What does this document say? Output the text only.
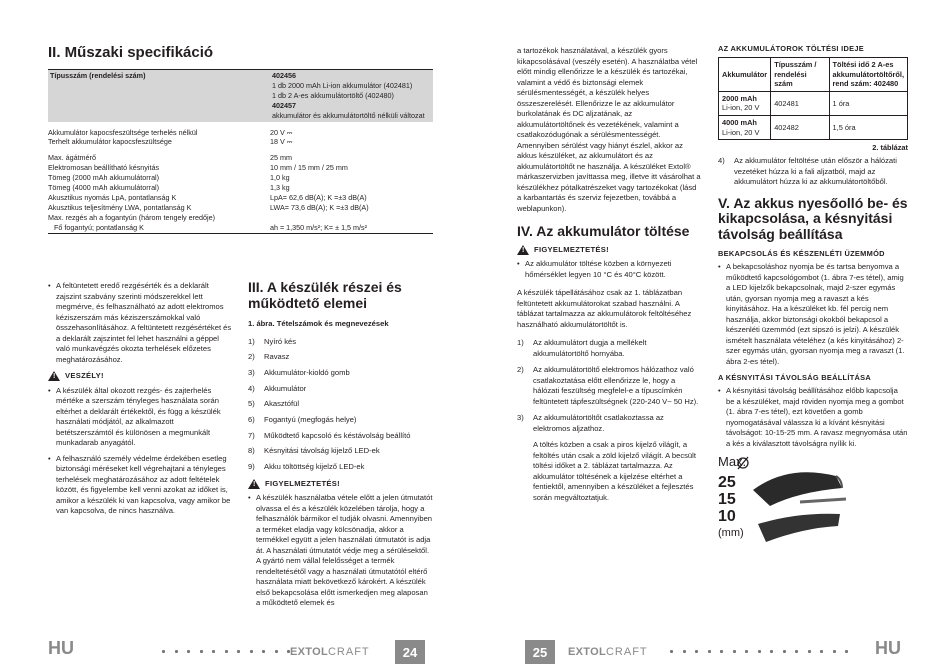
II. Műszaki specifikáció
Típusszám (rendelési szám)	402456
1 db 2000 mAh Li-ion akkumulátor (402481)
1 db 2 A-es akkumulátortöltő (402480)
402457
akkumulátor és akkumulátortöltő nélküli változat
Akkumulátor kapocsfeszültsége terhelés nélkül	20 V ⎓
Terhelt akkumulátor kapocsfeszültsége	18 V ⎓
Max. ágátmérő	25 mm
Elektromosan beállítható késnyitás	10 mm / 15 mm / 25 mm
Tömeg (2000 mAh akkumulátorral)	1,0 kg
Tömeg (4000 mAh akkumulátorral)	1,3 kg
Akusztikus nyomás LpA, pontatlanság K	LpA= 62,6 dB(A); K =±3 dB(A)
Akusztikus teljesítmény LWA, pontatlanság K	LWA= 73,6 dB(A); K =±3 dB(A)
Max. rezgés ah a fogantyún (három tengely eredője)
Fő fogantyú; pontatlanság K	ah = 1,350 m/s²; K= ± 1,5 m/s²
• A feltüntetett eredő rezgésérték és a deklarált zajszint szabvány szerinti módszerekkel lett megmérve, és felhasználható az adott elektromos kéziszerszám más kéziszerszámokkal való összehasonlításához. A feltüntetett rezgésértéket és a deklarált zajszintet fel lehet használni a géppel való munkavégzés okozta terhelések előzetes meghatározásához.
! VESZÉLY!
• A készülék által okozott rezgés- és zajterhelés mértéke a szerszám tényleges használata során eltérhet a deklarált értékektől, és függ a készülék használati módjától, az alkalmazott betétszerszámtól és különösen a megmunkált munkadarab anyagától.
• A felhasználó személy védelme érdekében esetleg biztonsági méréseket kell végrehajtani a tényleges terhelések meghatározásához az adott feltételek között, és figyelembe kell venni azokat az időket is, amikor a készülék ki van kapcsolva, vagy amikor be van kapcsolva, de nincs használva.
III. A készülék részei és működtető elemei
1. ábra. Tételszámok és megnevezések
1)	Nyíró kés
2)	Ravasz
3)	Akkumulátor-kioldó gomb
4)	Akkumulátor
5)	Akasztófül
6)	Fogantyú (megfogás helye)
7)	Működtető kapcsoló és késtávolság beállító
8)	Késnyitási távolság kijelző LED-ek
9)	Akku töltöttség kijelző LED-ek
! FIGYELMEZTETÉS!
• A készülék használatba vétele előtt a jelen útmutatót olvassa el és a készülék közelében tárolja, hogy a felhasználók bármikor el tudják olvasni. Amennyiben a terméket eladja vagy kölcsönadja, akkor a termékkel együtt a jelen használati útmutatót is adja át. A használati útmutatót védje meg a sérülésektől. A gyártó nem vállal felelősséget a termék rendeltetésétől vagy a használati útmutatótól eltérő használata miatt bekövetkező károkért. A készülék első bekapcsolása előtt ismerkedjen meg alaposan a működtető elemek és
HU	EXTOLCRAFT	24

a tartozékok használatával, a készülék gyors kikapcsolásával (veszély esetén). A használatba vétel előtt mindig ellenőrizze le a készülék és tartozékai, valamint a védő és biztonsági elemek sérülésmentességét, a készülék helyes összeszerelését. Ellenőrizze le az akkumulátor burkolatának és DC aljzatának, az akkumulátortöltőnek és vezetékének, valamint a csatlakozódugónak a sérülésmentességét. Amennyiben sérülést vagy hiányt észlel, akkor az akkus készüléket, az akkumulátort és az akkumulátortöltőt ne használja. A készüléket Extol® márkaszervizben javíttassa meg, illetve itt vásárolhat a készülékhez pótalkatrészeket vagy tartozékokat (lásd a karbantartás és szerviz fejezetben, továbbá a weblapunkon).

IV. Az akkumulátor töltése
! FIGYELMEZTETÉS!
• Az akkumulátor töltése közben a környezeti hőmérséklet legyen 10 °C és 40°C között.

A készülék tápellátásához csak az 1. táblázatban feltüntetett akkumulátorokat szabad használni. A táblázat tartalmazza az akkumulátorok feltöltéséhez használható akkumulátortöltőt is.

1)	Az akkumulátort dugja a mellékelt akkumulátortöltő hornyába.
2)	Az akkumulátortöltő elektromos hálózathoz való csatlakoztatása előtt ellenőrizze le, hogy a hálózati feszültség megfelel-e a típuscímkén feltüntetett tápfeszültségnek (220-240 V~ 50 Hz).
3)	Az akkumulátortöltőt csatlakoztassa az elektromos aljzathoz.

A töltés közben a csak a piros kijelző világít, a feltöltés után csak a zöld kijelző világít. A becsült töltési időket a 2. táblázat tartalmazza. Az akkumulátor töltésének a kijelzése eltérhet a fentiektől, amennyiben a készüléket a fejlesztés során megváltoztatjuk.

AZ AKKUMULÁTOROK TÖLTÉSI IDEJE
Akkumulátor	Típusszám / rendelési szám	Töltési idő 2 A-es akkumulátortöltőről, rend szám: 402480
2000 mAh
Li-ion, 20 V	402481	1 óra
4000 mAh
Li-ion, 20 V	402482	1,5 óra
2. táblázat
4)	Az akkumulátor feltöltése után először a hálózati vezetéket húzza ki a fali aljzatból, majd az akkumulátort húzza ki az akkumulátortöltőből.
V. Az akkus nyesőolló be- és kikapcsolása, a késnyitási távolság beállítása
BEKAPCSOLÁS ÉS KÉSZENLÉTI ÜZEMMÓD
• A bekapcsoláshoz nyomja be és tartsa benyomva a működtető kapcsológombot (1. ábra 7-es tétel), amig a LED kijelzők bekapcsolnak, majd 2-szer egymás után, gyorsan nyomja meg a ravaszt a kés kinyitásához. Ha a készüléket kb. fél percig nem használja, akkor biztonsági okokból bekapcsol a készenléti üzemmód (ezt sipszó is jelzi). A készülék ismételt használata vételéhez (a kés kinyitásához) 2-szer egymás után, gyorsan nyomja meg a ravaszt (1. ábra 2-es tétel).
A KÉSNYITÁSI TÁVOLSÁG BEÁLLÍTÁSA
• A késnyitási távolság beállításához előbb kapcsolja be a készüléket, majd röviden nyomja meg a gombot (1. ábra 7-es tétel), ezt követően a gomb nyomogatásával válassza ki a kívánt késnyitási távolságot: 10-15-25 mm. A ravasz megnyomása után a kés a kiválasztott távolságra nyílik ki.
Max.
25
15
10
(mm)
25	EXTOLCRAFT	HU
